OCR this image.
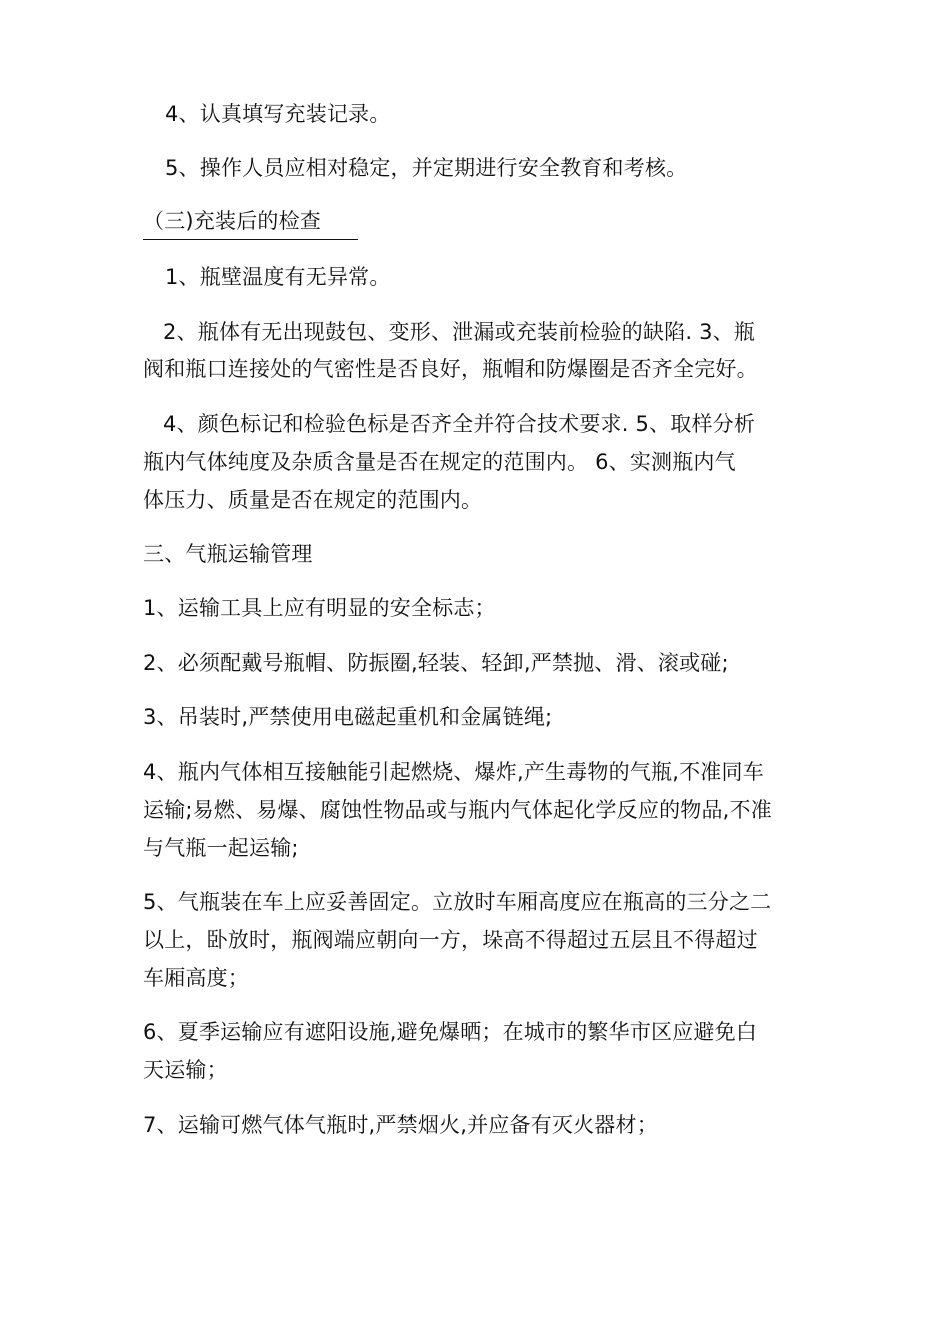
4、认真填写充装记录。
5、操作人员应相对稳定，并定期进行安全教育和考核。
（三)充装后的检查
1、瓶壁温度有无异常。
2、瓶体有无出现鼓包、变形、泄漏或充装前检验的缺陷. 3、瓶
阀和瓶口连接处的气密性是否良好，瓶帽和防爆圈是否齐全完好。
4、颜色标记和检验色标是否齐全并符合技术要求. 5、取样分析
瓶内气体纯度及杂质含量是否在规定的范围内。 6、实测瓶内气
体压力、质量是否在规定的范围内。
三、气瓶运输管理
1、运输工具上应有明显的安全标志；
2、必须配戴号瓶帽、防振圈,轻装、轻卸,严禁抛、滑、滚或碰;
3、吊装时,严禁使用电磁起重机和金属链绳;
4、瓶内气体相互接触能引起燃烧、爆炸,产生毒物的气瓶,不准同车
运输;易燃、易爆、腐蚀性物品或与瓶内气体起化学反应的物品,不准
与气瓶一起运输;
5、气瓶装在车上应妥善固定。立放时车厢高度应在瓶高的三分之二
以上，卧放时，瓶阀端应朝向一方，垛高不得超过五层且不得超过
车厢高度；
6、夏季运输应有遮阳设施,避免爆晒；在城市的繁华市区应避免白
天运输；
7、运输可燃气体气瓶时,严禁烟火,并应备有灭火器材；
